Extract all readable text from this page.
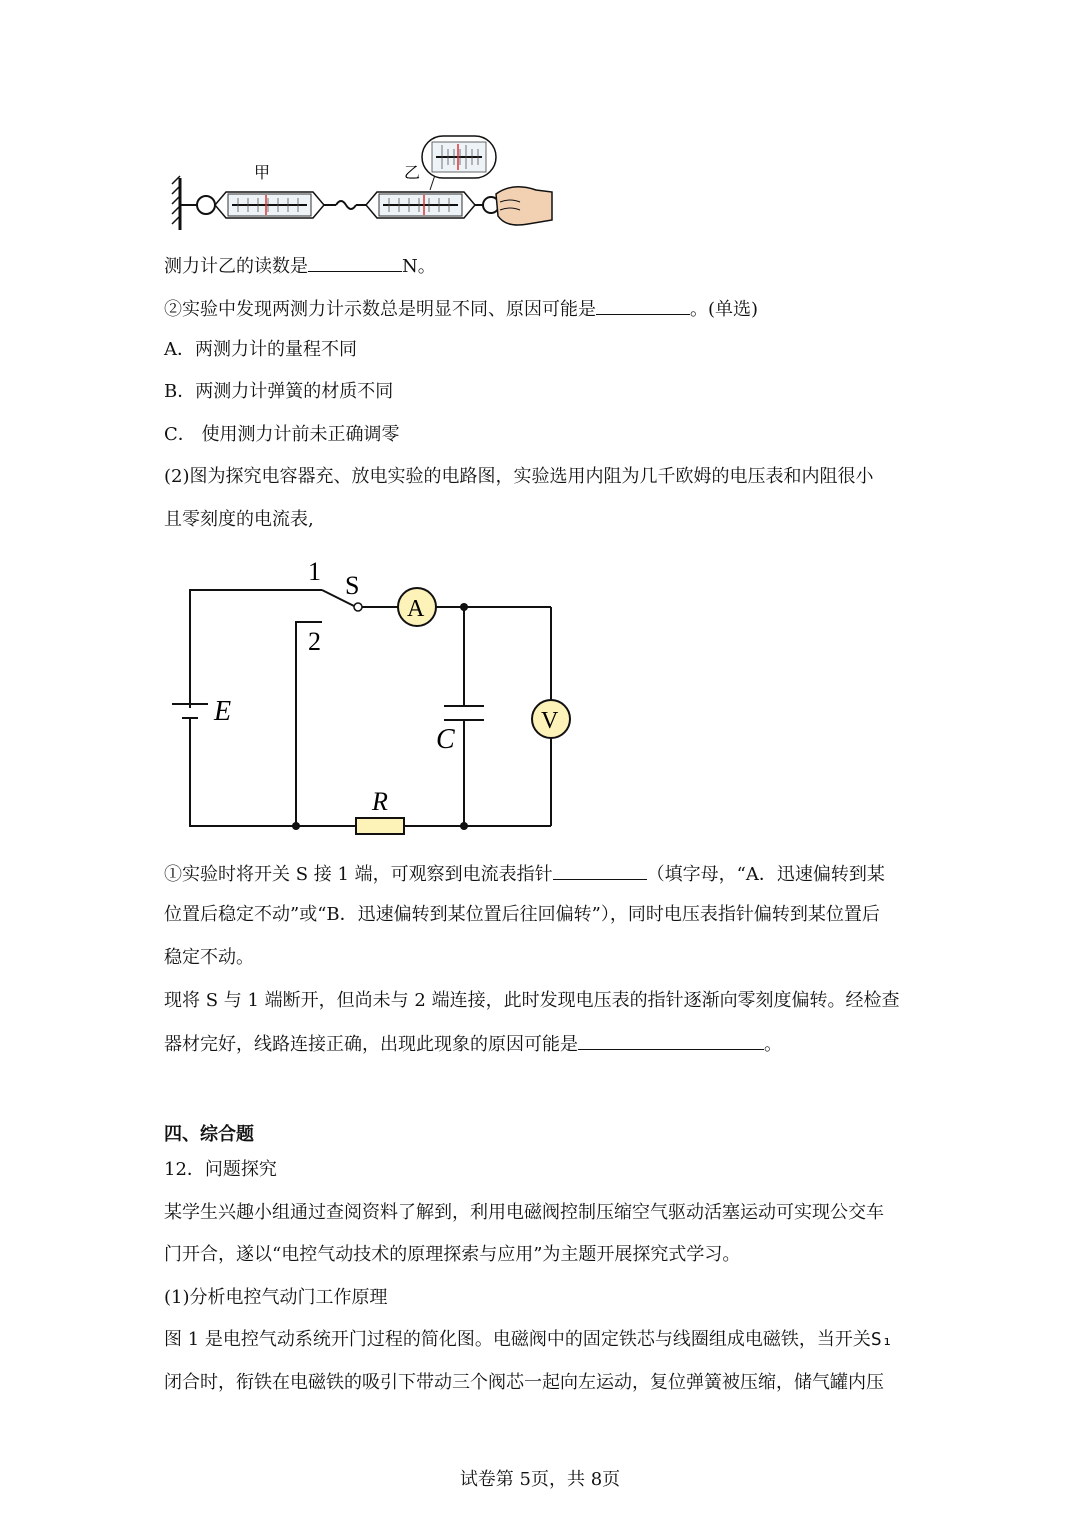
甲	乙
测力计乙的读数是	N。
②实验中发现两测力计示数总是明显不同、原因可能是	。(单选)
A．两测力计的量程不同
B．两测力计弹簧的材质不同
C． 使用测力计前未正确调零
(2)图为探究电容器充、放电实验的电路图，实验选用内阻为几千欧姆的电压表和内阻很小
且零刻度的电流表,
1
2
S
A
V
E
C
R
①实验时将开关 S 接 1 端，可观察到电流表指针	（填字母，“A．迅速偏转到某
位置后稳定不动”或“B．迅速偏转到某位置后往回偏转”），同时电压表指针偏转到某位置后
稳定不动。
现将 S 与 1 端断开，但尚未与 2 端连接，此时发现电压表的指针逐渐向零刻度偏转。经检查
器材完好，线路连接正确，出现此现象的原因可能是	。
四、综合题
12．问题探究
某学生兴趣小组通过查阅资料了解到，利用电磁阀控制压缩空气驱动活塞运动可实现公交车
门开合，遂以“电控气动技术的原理探索与应用”为主题开展探究式学习。
(1)分析电控气动门工作原理
图 1 是电控气动系统开门过程的简化图。电磁阀中的固定铁芯与线圈组成电磁铁，当开关S₁
闭合时，衔铁在电磁铁的吸引下带动三个阀芯一起向左运动，复位弹簧被压缩，储气罐内压
试卷第 5页，共 8页
